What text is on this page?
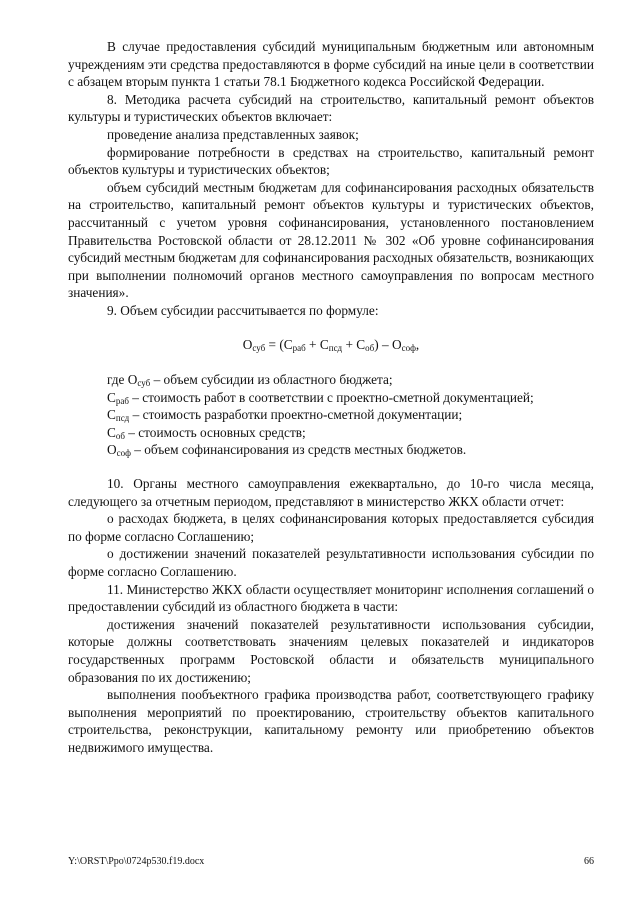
В случае предоставления субсидий муниципальным бюджетным или автономным учреждениям эти средства предоставляются в форме субсидий на иные цели в соответствии с абзацем вторым пункта 1 статьи 78.1 Бюджетного кодекса Российской Федерации.

8. Методика расчета субсидий на строительство, капитальный ремонт объектов культуры и туристических объектов включает:

проведение анализа представленных заявок;

формирование потребности в средствах на строительство, капитальный ремонт объектов культуры и туристических объектов;

объем субсидий местным бюджетам для софинансирования расходных обязательств на строительство, капитальный ремонт объектов культуры и туристических объектов, рассчитанный с учетом уровня софинансирования, установленного постановлением Правительства Ростовской области от 28.12.2011 № 302 «Об уровне софинансирования субсидий местным бюджетам для софинансирования расходных обязательств, возникающих при выполнении полномочий органов местного самоуправления по вопросам местного значения».

9. Объем субсидии рассчитывается по формуле:

$О_{суб} = (С_{раб} + С_{псд} + С_{об}) - О_{соф}$,

где $О_{суб}$ – объем субсидии из областного бюджета;

$С_{раб}$ – стоимость работ в соответствии с проектно-сметной документацией;

$С_{псд}$ – стоимость разработки проектно-сметной документации;

$С_{об}$ – стоимость основных средств;

$О_{соф}$ – объем софинансирования из средств местных бюджетов.

10. Органы местного самоуправления ежеквартально, до 10-го числа месяца, следующего за отчетным периодом, представляют в министерство ЖКХ области отчет:

о расходах бюджета, в целях софинансирования которых предоставляется субсидия по форме согласно Соглашению;

о достижении значений показателей результативности использования субсидии по форме согласно Соглашению.

11. Министерство ЖКХ области осуществляет мониторинг исполнения соглашений о предоставлении субсидий из областного бюджета в части:

достижения значений показателей результативности использования субсидии, которые должны соответствовать значениям целевых показателей и индикаторов государственных программ Ростовской области и обязательств муниципального образования по их достижению;

выполнения пообъектного графика производства работ, соответствующего графику выполнения мероприятий по проектированию, строительству объектов капитального строительства, реконструкции, капитальному ремонту или приобретению объектов недвижимого имущества.

Y:\ORST\Ppo\0724p530.f19.docx	66
